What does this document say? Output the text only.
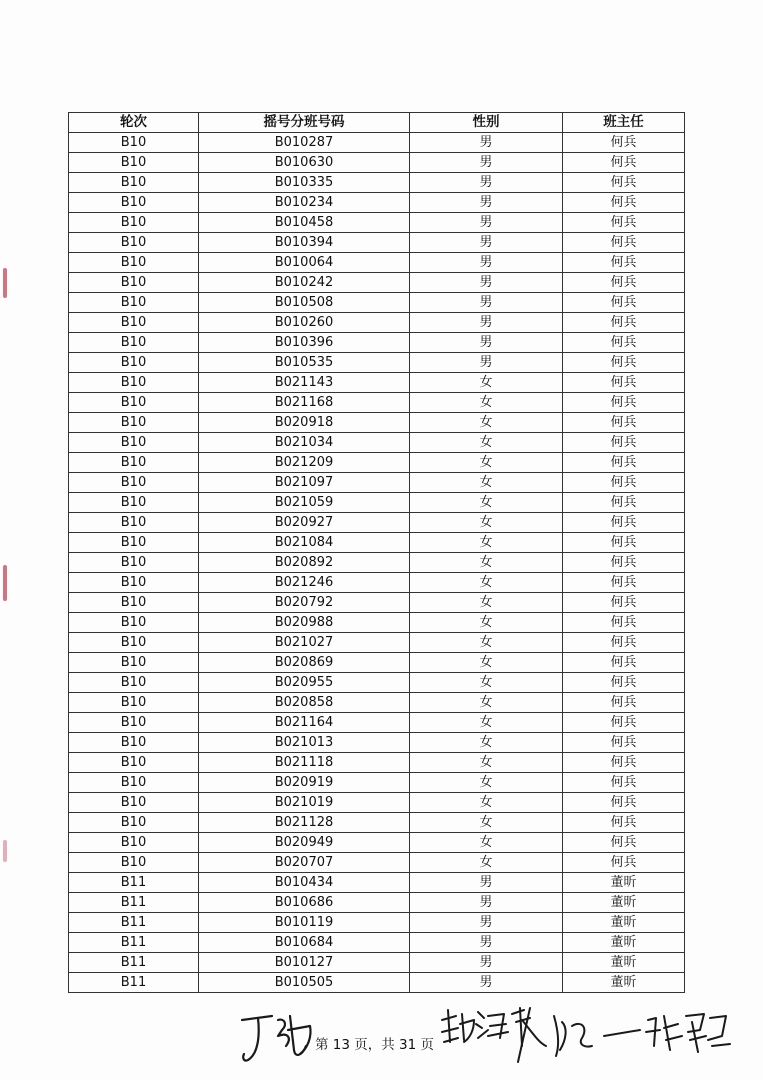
轮次	摇号分班号码	性别	班主任
B10	B010287	男	何兵
B10	B010630	男	何兵
B10	B010335	男	何兵
B10	B010234	男	何兵
B10	B010458	男	何兵
B10	B010394	男	何兵
B10	B010064	男	何兵
B10	B010242	男	何兵
B10	B010508	男	何兵
B10	B010260	男	何兵
B10	B010396	男	何兵
B10	B010535	男	何兵
B10	B021143	女	何兵
B10	B021168	女	何兵
B10	B020918	女	何兵
B10	B021034	女	何兵
B10	B021209	女	何兵
B10	B021097	女	何兵
B10	B021059	女	何兵
B10	B020927	女	何兵
B10	B021084	女	何兵
B10	B020892	女	何兵
B10	B021246	女	何兵
B10	B020792	女	何兵
B10	B020988	女	何兵
B10	B021027	女	何兵
B10	B020869	女	何兵
B10	B020955	女	何兵
B10	B020858	女	何兵
B10	B021164	女	何兵
B10	B021013	女	何兵
B10	B021118	女	何兵
B10	B020919	女	何兵
B10	B021019	女	何兵
B10	B021128	女	何兵
B10	B020949	女	何兵
B10	B020707	女	何兵
B11	B010434	男	董昕
B11	B010686	男	董昕
B11	B010119	男	董昕
B11	B010684	男	董昕
B11	B010127	男	董昕
B11	B010505	男	董昕
第 13 页，共 31 页
